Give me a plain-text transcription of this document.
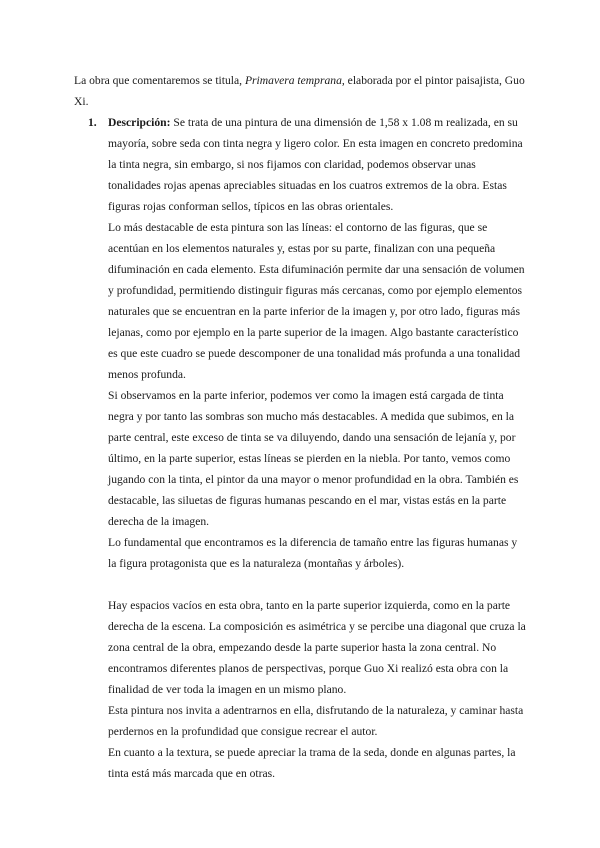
La obra que comentaremos se titula, Primavera temprana, elaborada por el pintor paisajista, Guo Xi.
1. Descripción: Se trata de una pintura de una dimensión de 1,58 x 1.08 m realizada, en su mayoría, sobre seda con tinta negra y ligero color. En esta imagen en concreto predomina la tinta negra, sin embargo, si nos fijamos con claridad, podemos observar unas tonalidades rojas apenas apreciables situadas en los cuatros extremos de la obra. Estas figuras rojas conforman sellos, típicos en las obras orientales.

Lo más destacable de esta pintura son las líneas: el contorno de las figuras, que se acentúan en los elementos naturales y, estas por su parte, finalizan con una pequeña difuminación en cada elemento. Esta difuminación permite dar una sensación de volumen y profundidad, permitiendo distinguir figuras más cercanas, como por ejemplo elementos naturales que se encuentran en la parte inferior de la imagen y, por otro lado, figuras más lejanas, como por ejemplo en la parte superior de la imagen. Algo bastante característico es que este cuadro se puede descomponer de una tonalidad más profunda a una tonalidad menos profunda.

Si observamos en la parte inferior, podemos ver como la imagen está cargada de tinta negra y por tanto las sombras son mucho más destacables. A medida que subimos, en la parte central, este exceso de tinta se va diluyendo, dando una sensación de lejanía y, por último, en la parte superior, estas líneas se pierden en la niebla. Por tanto, vemos como jugando con la tinta, el pintor da una mayor o menor profundidad en la obra. También es destacable, las siluetas de figuras humanas pescando en el mar, vistas estás en la parte derecha de la imagen.

Lo fundamental que encontramos es la diferencia de tamaño entre las figuras humanas y la figura protagonista que es la naturaleza (montañas y árboles).

Hay espacios vacíos en esta obra, tanto en la parte superior izquierda, como en la parte derecha de la escena. La composición es asimétrica y se percibe una diagonal que cruza la zona central de la obra, empezando desde la parte superior hasta la zona central. No encontramos diferentes planos de perspectivas, porque Guo Xi realizó esta obra con la finalidad de ver toda la imagen en un mismo plano.

Esta pintura nos invita a adentrarnos en ella, disfrutando de la naturaleza, y caminar hasta perdernos en la profundidad que consigue recrear el autor.

En cuanto a la textura, se puede apreciar la trama de la seda, donde en algunas partes, la tinta está más marcada que en otras.
